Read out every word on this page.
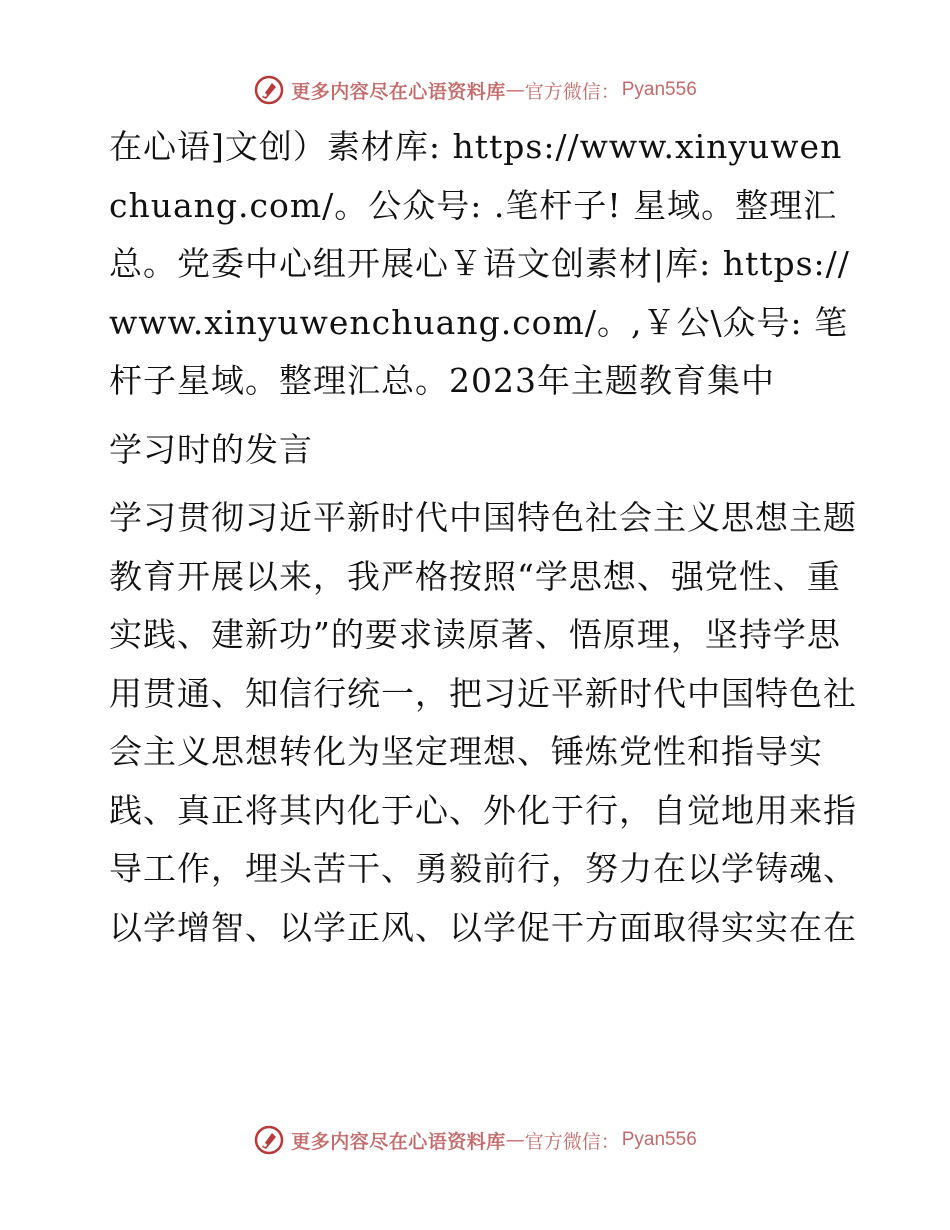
更多内容尽在心语资料库 — 官方微信： Pyan556

在心语]文创）素材库: https://www.xinyuwenchuang.com/。公众号: .笔杆子! 星域。整理汇总。党委中心组开展心￥语文创素材|库: https://www.xinyuwenchuang.com/。,￥公\众号: 笔杆子星域。整理汇总。2023年主题教育集中

学习时的发言

学习贯彻习近平新时代中国特色社会主义思想主题教育开展以来，我严格按照“学思想、强党性、重实践、建新功”的要求读原著、悟原理，坚持学思用贯通、知信行统一，把习近平新时代中国特色社会主义思想转化为坚定理想、锤炼党性和指导实践、真正将其内化于心、外化于行，自觉地用来指导工作，埋头苦干、勇毅前行，努力在以学铸魂、以学增智、以学正风、以学促干方面取得实实在在

更多内容尽在心语资料库 — 官方微信： Pyan556
